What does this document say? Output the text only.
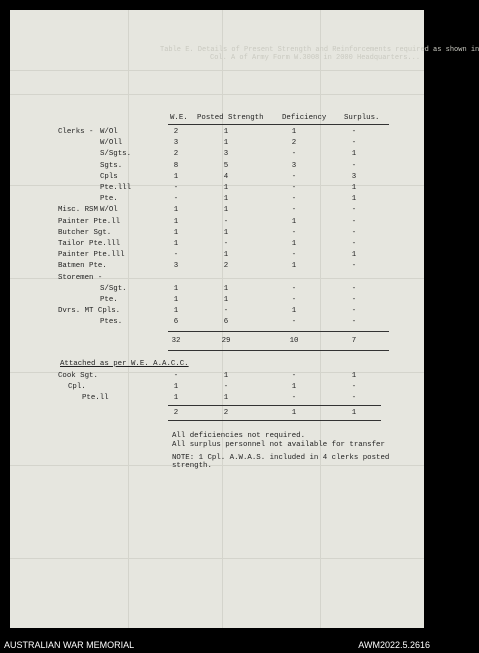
Table E. Details of Present Strength and Reinforcements required as shown in
Col. A of Army Form W.3008 in 2000 Headquarters...
W.E. Posted Strength Deficiency Surplus.
Clerks - W/Ol	2	1	1	-
W/Oll	3	1	2	-
S/Sgts.	2	3	-	1
Sgts.	8	5	3	-
Cpls	1	4	-	3
Pte.lll	-	1	-	1
Pte.	-	1	-	1
Misc. RSM W/Ol	1	1	-	-
Painter Pte.ll	1	-	1	-
Butcher Sgt.	1	1	-	-
Tailor Pte.lll	1	-	1	-
Painter Pte.lll	-	1	-	1
Batmen Pte.	3	2	1	-
Storemen -
S/Sgt.	1	1	-	-
Pte.	1	1	-	-
Dvrs. MT Cpls.	1	-	1	-
Ptes.	6	6	-	-
32	29	10	7
Attached as per W.E. A.A.C.C.
Cook Sgt.	-	1	-	1
Cpl.	1	-	1	-
Pte.ll	1	1	-	-
2	2	1	1
All deficiencies not required.
All surplus personnel not available for transfer
NOTE: 1 Cpl. A.W.A.S. included in 4 clerks posted
strength.
AUSTRALIAN WAR MEMORIAL	AWM2022.5.2616
